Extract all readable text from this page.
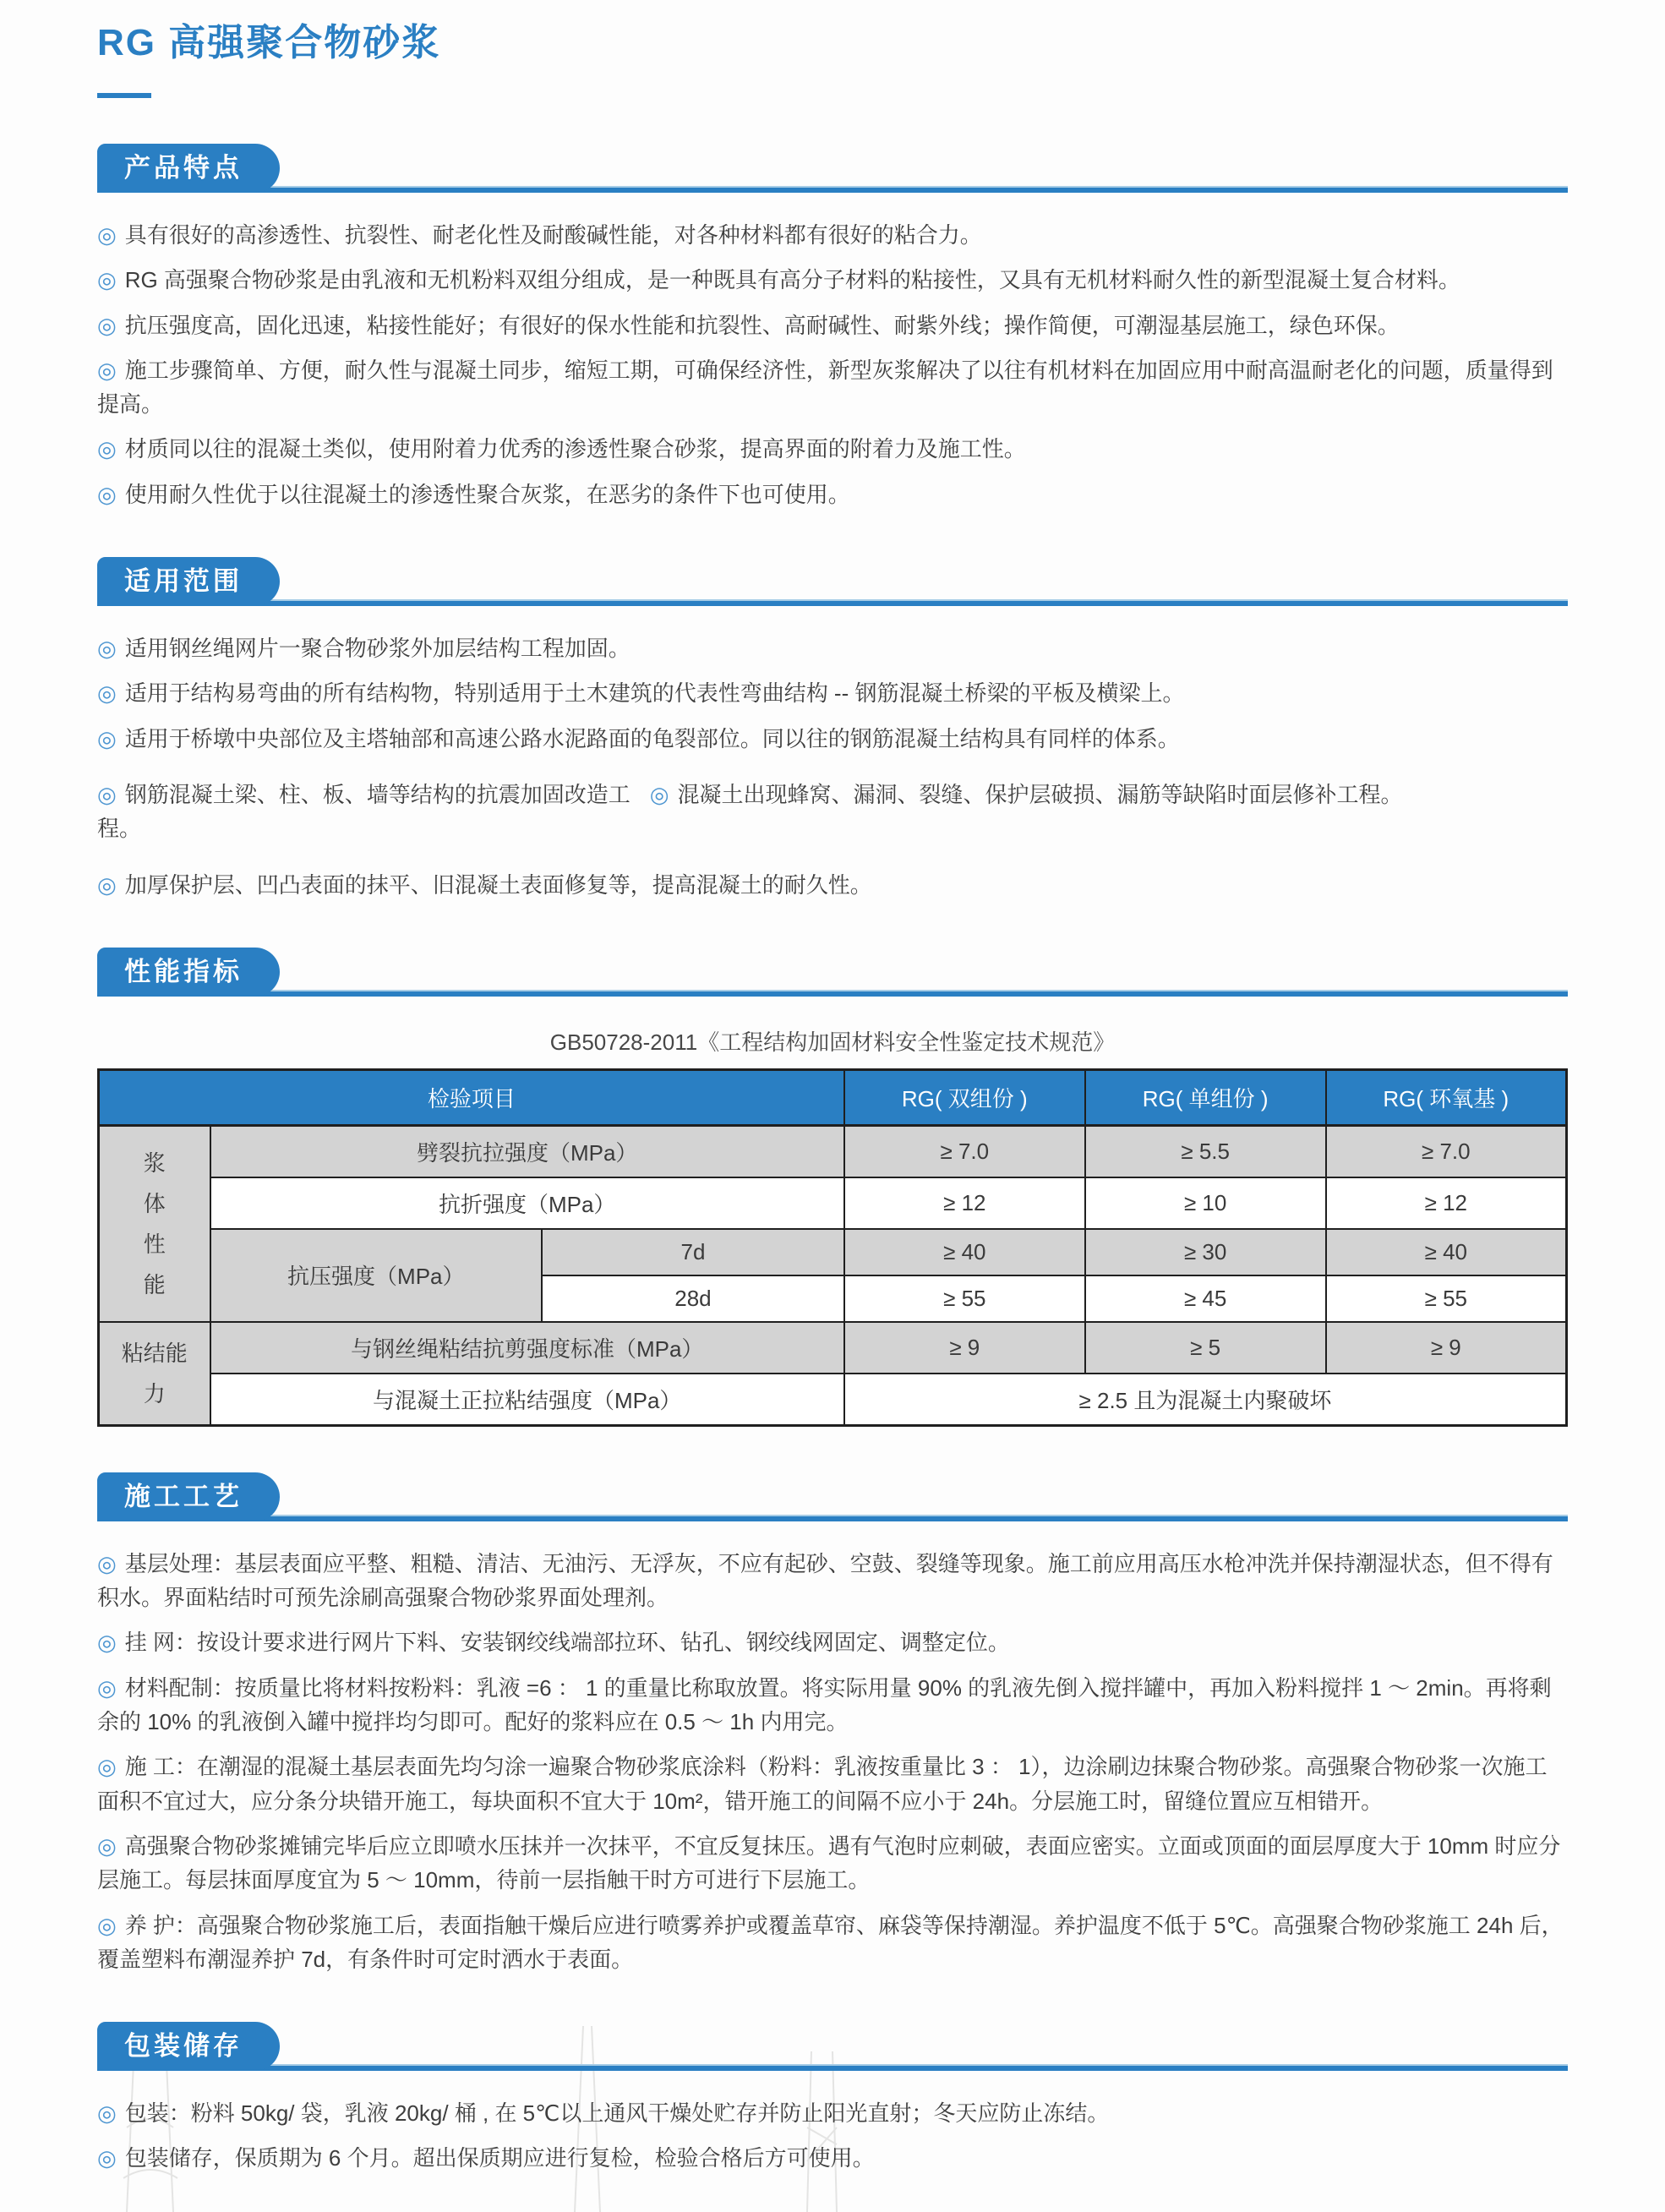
RG 高强聚合物砂浆
产品特点

◎ 具有很好的高渗透性、抗裂性、耐老化性及耐酸碱性能，对各种材料都有很好的粘合力。

◎ RG 高强聚合物砂浆是由乳液和无机粉料双组分组成，是一种既具有高分子材料的粘接性，又具有无机材料耐久性的新型混凝土复合材料。

◎ 抗压强度高，固化迅速，粘接性能好；有很好的保水性能和抗裂性、高耐碱性、耐紫外线；操作简便，可潮湿基层施工，绿色环保。

◎ 施工步骤简单、方便，耐久性与混凝土同步，缩短工期，可确保经济性，新型灰浆解决了以往有机材料在加固应用中耐高温耐老化的问题，质量得到提高。

◎ 材质同以往的混凝土类似，使用附着力优秀的渗透性聚合砂浆，提高界面的附着力及施工性。

◎ 使用耐久性优于以往混凝土的渗透性聚合灰浆，在恶劣的条件下也可使用。

适用范围

◎ 适用钢丝绳网片一聚合物砂浆外加层结构工程加固。

◎ 适用于结构易弯曲的所有结构物，特别适用于土木建筑的代表性弯曲结构 -- 钢筋混凝土桥梁的平板及横梁上。

◎ 适用于桥墩中央部位及主塔轴部和高速公路水泥路面的龟裂部位。同以往的钢筋混凝土结构具有同样的体系。

◎ 钢筋混凝土梁、柱、板、墙等结构的抗震加固改造工程。

◎ 混凝土出现蜂窝、漏洞、裂缝、保护层破损、漏筋等缺陷时面层修补工程。

◎ 加厚保护层、凹凸表面的抹平、旧混凝土表面修复等，提高混凝土的耐久性。

性能指标

GB50728-2011《工程结构加固材料安全性鉴定技术规范》

检验项目			RG( 双组份 )	RG( 单组份 )	RG( 环氧基 )
浆体性能	劈裂抗拉强度（MPa）		≥ 7.0	≥ 5.5	≥ 7.0
	抗折强度（MPa）		≥ 12	≥ 10	≥ 12
	抗压强度（MPa）	7d	≥ 40	≥ 30	≥ 40
		28d	≥ 55	≥ 45	≥ 55
粘结能力	与钢丝绳粘结抗剪强度标准（MPa）		≥ 9	≥ 5	≥ 9
	与混凝土正拉粘结强度（MPa）		≥ 2.5 且为混凝土内聚破坏		
施工工艺

◎ 基层处理：基层表面应平整、粗糙、清洁、无油污、无浮灰，不应有起砂、空鼓、裂缝等现象。施工前应用高压水枪冲洗并保持潮湿状态，但不得有积水。界面粘结时可预先涂刷高强聚合物砂浆界面处理剂。

◎ 挂 网：按设计要求进行网片下料、安装钢绞线端部拉环、钻孔、钢绞线网固定、调整定位。

◎ 材料配制：按质量比将材料按粉料：乳液 =6 ： 1 的重量比称取放置。将实际用量 90% 的乳液先倒入搅拌罐中，再加入粉料搅拌 1 ～ 2min。再将剩余的 10% 的乳液倒入罐中搅拌均匀即可。配好的浆料应在 0.5 ～ 1h 内用完。

◎ 施 工：在潮湿的混凝土基层表面先均匀涂一遍聚合物砂浆底涂料（粉料：乳液按重量比 3 ： 1），边涂刷边抹聚合物砂浆。高强聚合物砂浆一次施工面积不宜过大，应分条分块错开施工，每块面积不宜大于 10m²，错开施工的间隔不应小于 24h。分层施工时，留缝位置应互相错开。

◎ 高强聚合物砂浆摊铺完毕后应立即喷水压抹并一次抹平，不宜反复抹压。遇有气泡时应刺破，表面应密实。立面或顶面的面层厚度大于 10mm 时应分层施工。每层抹面厚度宜为 5 ～ 10mm，待前一层指触干时方可进行下层施工。

◎ 养 护：高强聚合物砂浆施工后，表面指触干燥后应进行喷雾养护或覆盖草帘、麻袋等保持潮湿。养护温度不低于 5℃。高强聚合物砂浆施工 24h 后，覆盖塑料布潮湿养护 7d，有条件时可定时洒水于表面。

包装储存

◎ 包装：粉料 50kg/ 袋，乳液 20kg/ 桶 , 在 5℃以上通风干燥处贮存并防止阳光直射；冬天应防止冻结。

◎ 包装储存，保质期为 6 个月。超出保质期应进行复检，检验合格后方可使用。
